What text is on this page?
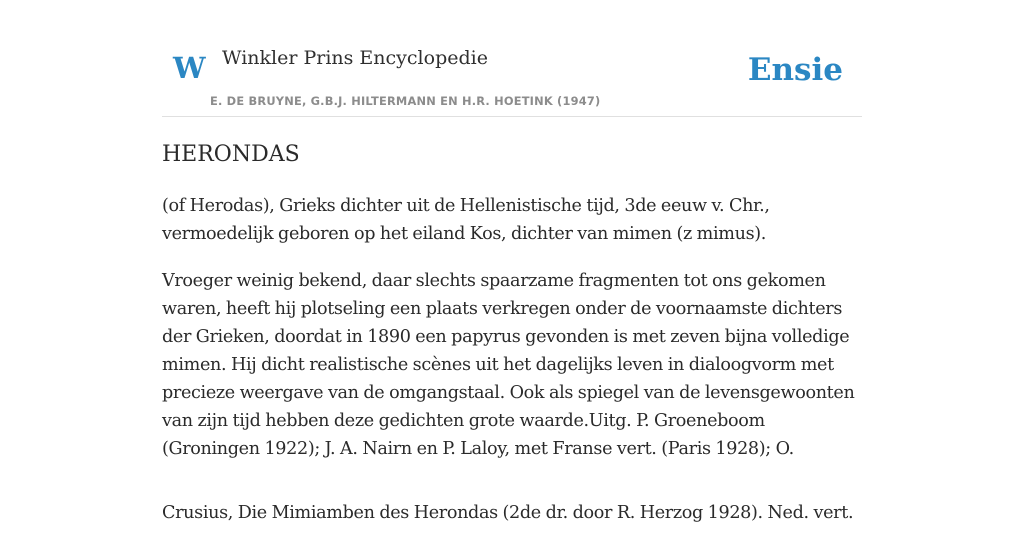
W Winkler Prins Encyclopedie
E. DE BRUYNE, G.B.J. HILTERMANN EN H.R. HOETINK (1947)
Ensie
HERONDAS

(of Herodas), Grieks dichter uit de Hellenistische tijd, 3de eeuw v. Chr., vermoedelijk geboren op het eiland Kos, dichter van mimen (z mimus).

Vroeger weinig bekend, daar slechts spaarzame fragmenten tot ons gekomen waren, heeft hij plotseling een plaats verkregen onder de voornaamste dichters der Grieken, doordat in 1890 een papyrus gevonden is met zeven bijna volledige mimen. Hij dicht realistische scènes uit het dagelijks leven in dialoogvorm met precieze weergave van de omgangstaal. Ook als spiegel van de levensgewoonten van zijn tijd hebben deze gedichten grote waarde.Uitg. P. Groeneboom (Groningen 1922); J. A. Nairn en P. Laloy, met Franse vert. (Paris 1928); O.

Crusius, Die Mimiamben des Herondas (2de dr. door R. Herzog 1928). Ned. vert.
